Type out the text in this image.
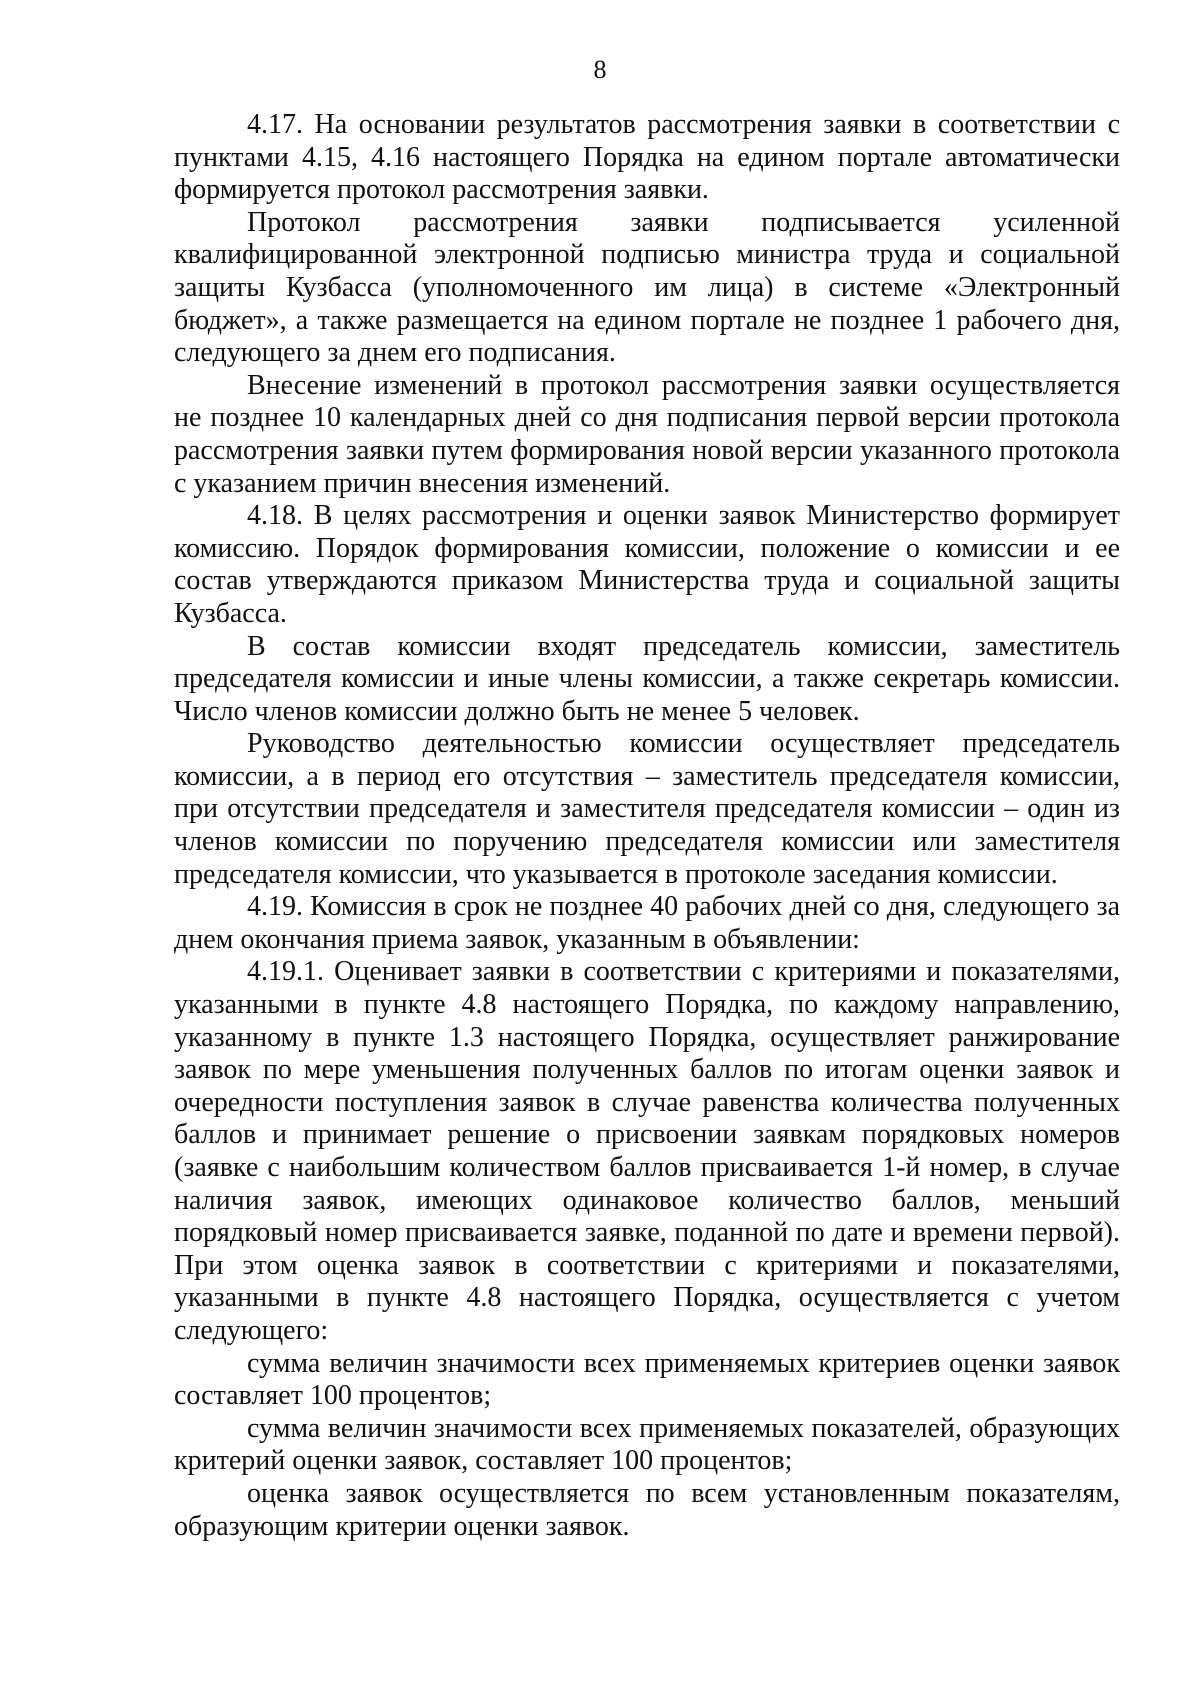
8

4.17. На основании результатов рассмотрения заявки в соответствии с пунктами 4.15, 4.16 настоящего Порядка на едином портале автоматически формируется протокол рассмотрения заявки.

Протокол рассмотрения заявки подписывается усиленной квалифицированной электронной подписью министра труда и социальной защиты Кузбасса (уполномоченного им лица) в системе «Электронный бюджет», а также размещается на едином портале не позднее 1 рабочего дня, следующего за днем его подписания.

Внесение изменений в протокол рассмотрения заявки осуществляется не позднее 10 календарных дней со дня подписания первой версии протокола рассмотрения заявки путем формирования новой версии указанного протокола с указанием причин внесения изменений.

4.18. В целях рассмотрения и оценки заявок Министерство формирует комиссию. Порядок формирования комиссии, положение о комиссии и ее состав утверждаются приказом Министерства труда и социальной защиты Кузбасса.

В состав комиссии входят председатель комиссии, заместитель председателя комиссии и иные члены комиссии, а также секретарь комиссии. Число членов комиссии должно быть не менее 5 человек.

Руководство деятельностью комиссии осуществляет председатель комиссии, а в период его отсутствия – заместитель председателя комиссии, при отсутствии председателя и заместителя председателя комиссии – один из членов комиссии по поручению председателя комиссии или заместителя председателя комиссии, что указывается в протоколе заседания комиссии.

4.19. Комиссия в срок не позднее 40 рабочих дней со дня, следующего за днем окончания приема заявок, указанным в объявлении:

4.19.1. Оценивает заявки в соответствии с критериями и показателями, указанными в пункте 4.8 настоящего Порядка, по каждому направлению, указанному в пункте 1.3 настоящего Порядка, осуществляет ранжирование заявок по мере уменьшения полученных баллов по итогам оценки заявок и очередности поступления заявок в случае равенства количества полученных баллов и принимает решение о присвоении заявкам порядковых номеров (заявке с наибольшим количеством баллов присваивается 1-й номер, в случае наличия заявок, имеющих одинаковое количество баллов, меньший порядковый номер присваивается заявке, поданной по дате и времени первой). При этом оценка заявок в соответствии с критериями и показателями, указанными в пункте 4.8 настоящего Порядка, осуществляется с учетом следующего:

сумма величин значимости всех применяемых критериев оценки заявок составляет 100 процентов;

сумма величин значимости всех применяемых показателей, образующих критерий оценки заявок, составляет 100 процентов;

оценка заявок осуществляется по всем установленным показателям, образующим критерии оценки заявок.
